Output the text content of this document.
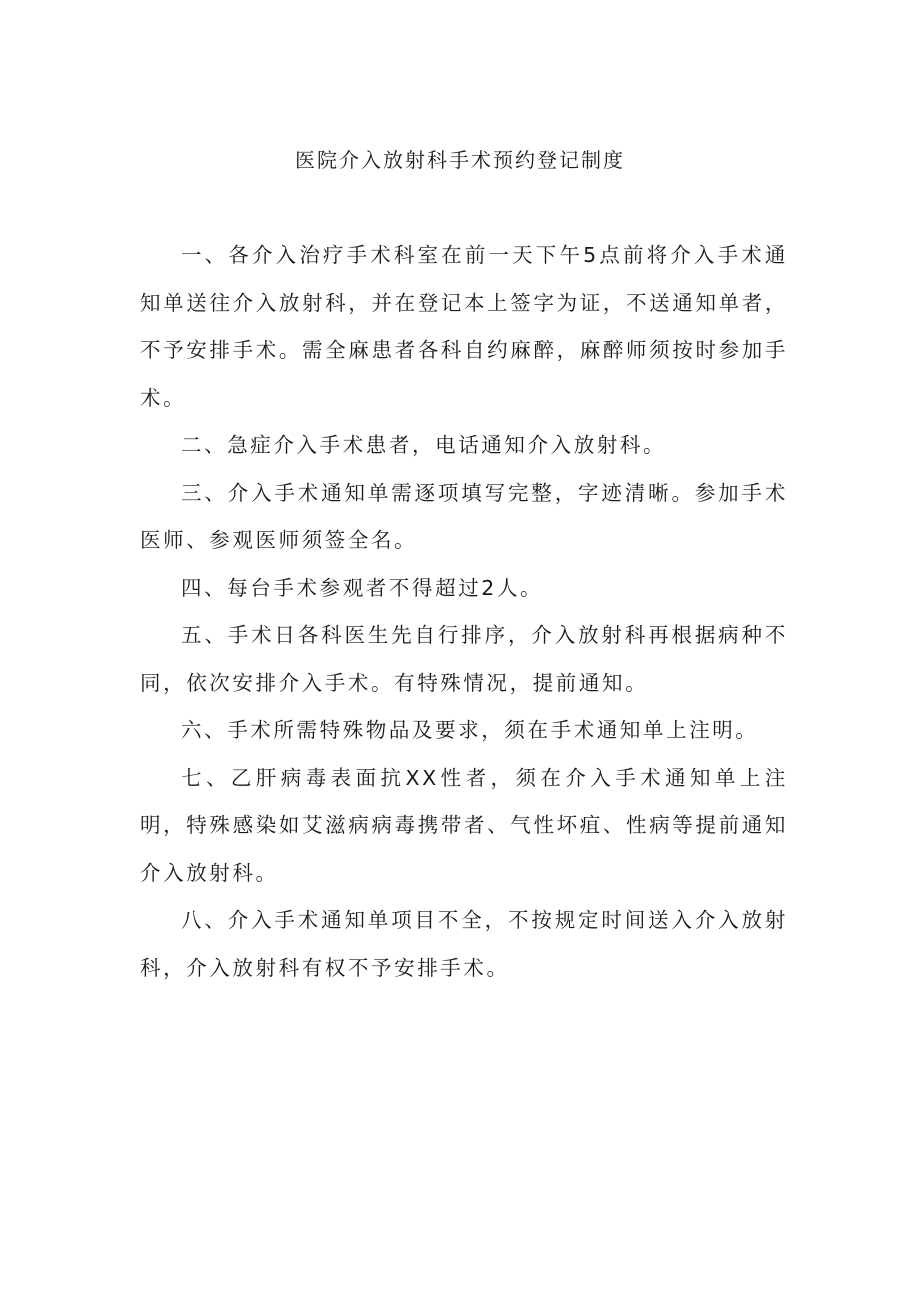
医院介入放射科手术预约登记制度

一、各介入治疗手术科室在前一天下午5点前将介入手术通知单送往介入放射科，并在登记本上签字为证，不送通知单者，不予安排手术。需全麻患者各科自约麻醉，麻醉师须按时参加手术。

二、急症介入手术患者，电话通知介入放射科。

三、介入手术通知单需逐项填写完整，字迹清晰。参加手术医师、参观医师须签全名。

四、每台手术参观者不得超过2人。

五、手术日各科医生先自行排序，介入放射科再根据病种不同，依次安排介入手术。有特殊情况，提前通知。

六、手术所需特殊物品及要求，须在手术通知单上注明。

七、乙肝病毒表面抗XX性者，须在介入手术通知单上注明，特殊感染如艾滋病病毒携带者、气性坏疽、性病等提前通知介入放射科。

八、介入手术通知单项目不全，不按规定时间送入介入放射科，介入放射科有权不予安排手术。
